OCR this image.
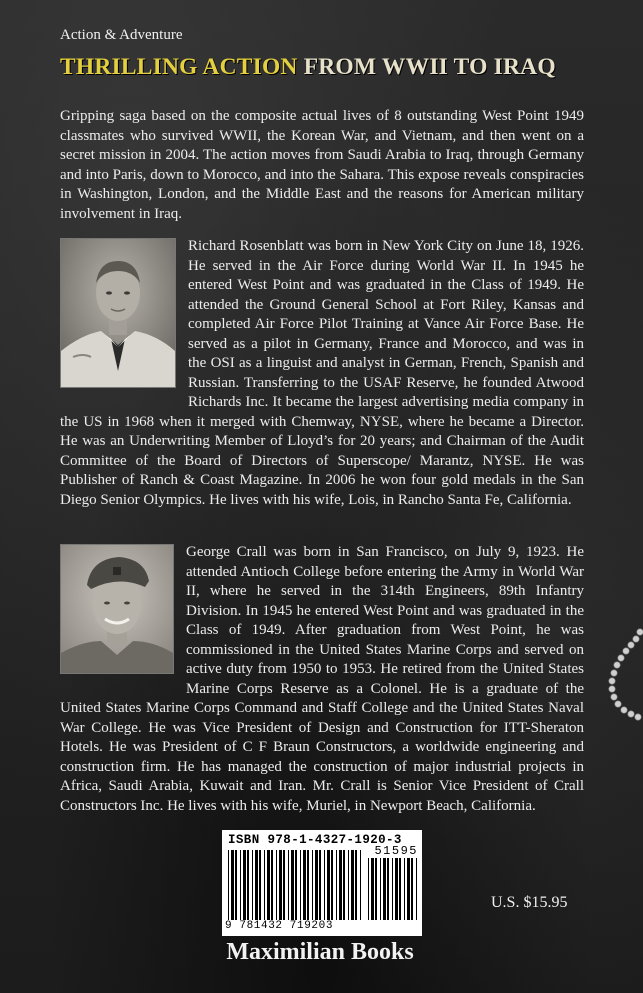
Action & Adventure
THRILLING ACTION FROM WWII TO IRAQ
Gripping saga based on the composite actual lives of 8 outstanding West Point 1949 classmates who survived WWII, the Korean War, and Vietnam, and then went on a secret mission in 2004. The action moves from Saudi Arabia to Iraq, through Germany and into Paris, down to Morocco, and into the Sahara. This expose reveals conspiracies in Washington, London, and the Middle East and the reasons for American military involvement in Iraq.
Richard Rosenblatt was born in New York City on June 18, 1926. He served in the Air Force during World War II. In 1945 he entered West Point and was graduated in the Class of 1949. He attended the Ground General School at Fort Riley, Kansas and completed Air Force Pilot Training at Vance Air Force Base. He served as a pilot in Germany, France and Morocco, and was in the OSI as a linguist and analyst in German, French, Spanish and Russian. Transferring to the USAF Reserve, he founded Atwood Richards Inc. It became the largest advertising media company in the US in 1968 when it merged with Chemway, NYSE, where he became a Director. He was an Underwriting Member of Lloyd’s for 20 years; and Chairman of the Audit Committee of the Board of Directors of Superscope/ Marantz, NYSE. He was Publisher of Ranch & Coast Magazine. In 2006 he won four gold medals in the San Diego Senior Olympics. He lives with his wife, Lois, in Rancho Santa Fe, California.
George Crall was born in San Francisco, on July 9, 1923. He attended Antioch College before entering the Army in World War II, where he served in the 314th Engineers, 89th Infantry Division. In 1945 he entered West Point and was graduated in the Class of 1949. After graduation from West Point, he was commissioned in the United States Marine Corps and served on active duty from 1950 to 1953. He retired from the United States Marine Corps Reserve as a Colonel. He is a graduate of the United States Marine Corps Command and Staff College and the United States Naval War College. He was Vice President of Design and Construction for ITT-Sheraton Hotels. He was President of C F Braun Constructors, a worldwide engineering and construction firm. He has managed the construction of major industrial projects in Africa, Saudi Arabia, Kuwait and Iran. Mr. Crall is Senior Vice President of Crall Constructors Inc. He lives with his wife, Muriel, in Newport Beach, California.
ISBN 978-1-4327-1920-3
51595
9 781432 719203
U.S. $15.95
Maximilian Books
